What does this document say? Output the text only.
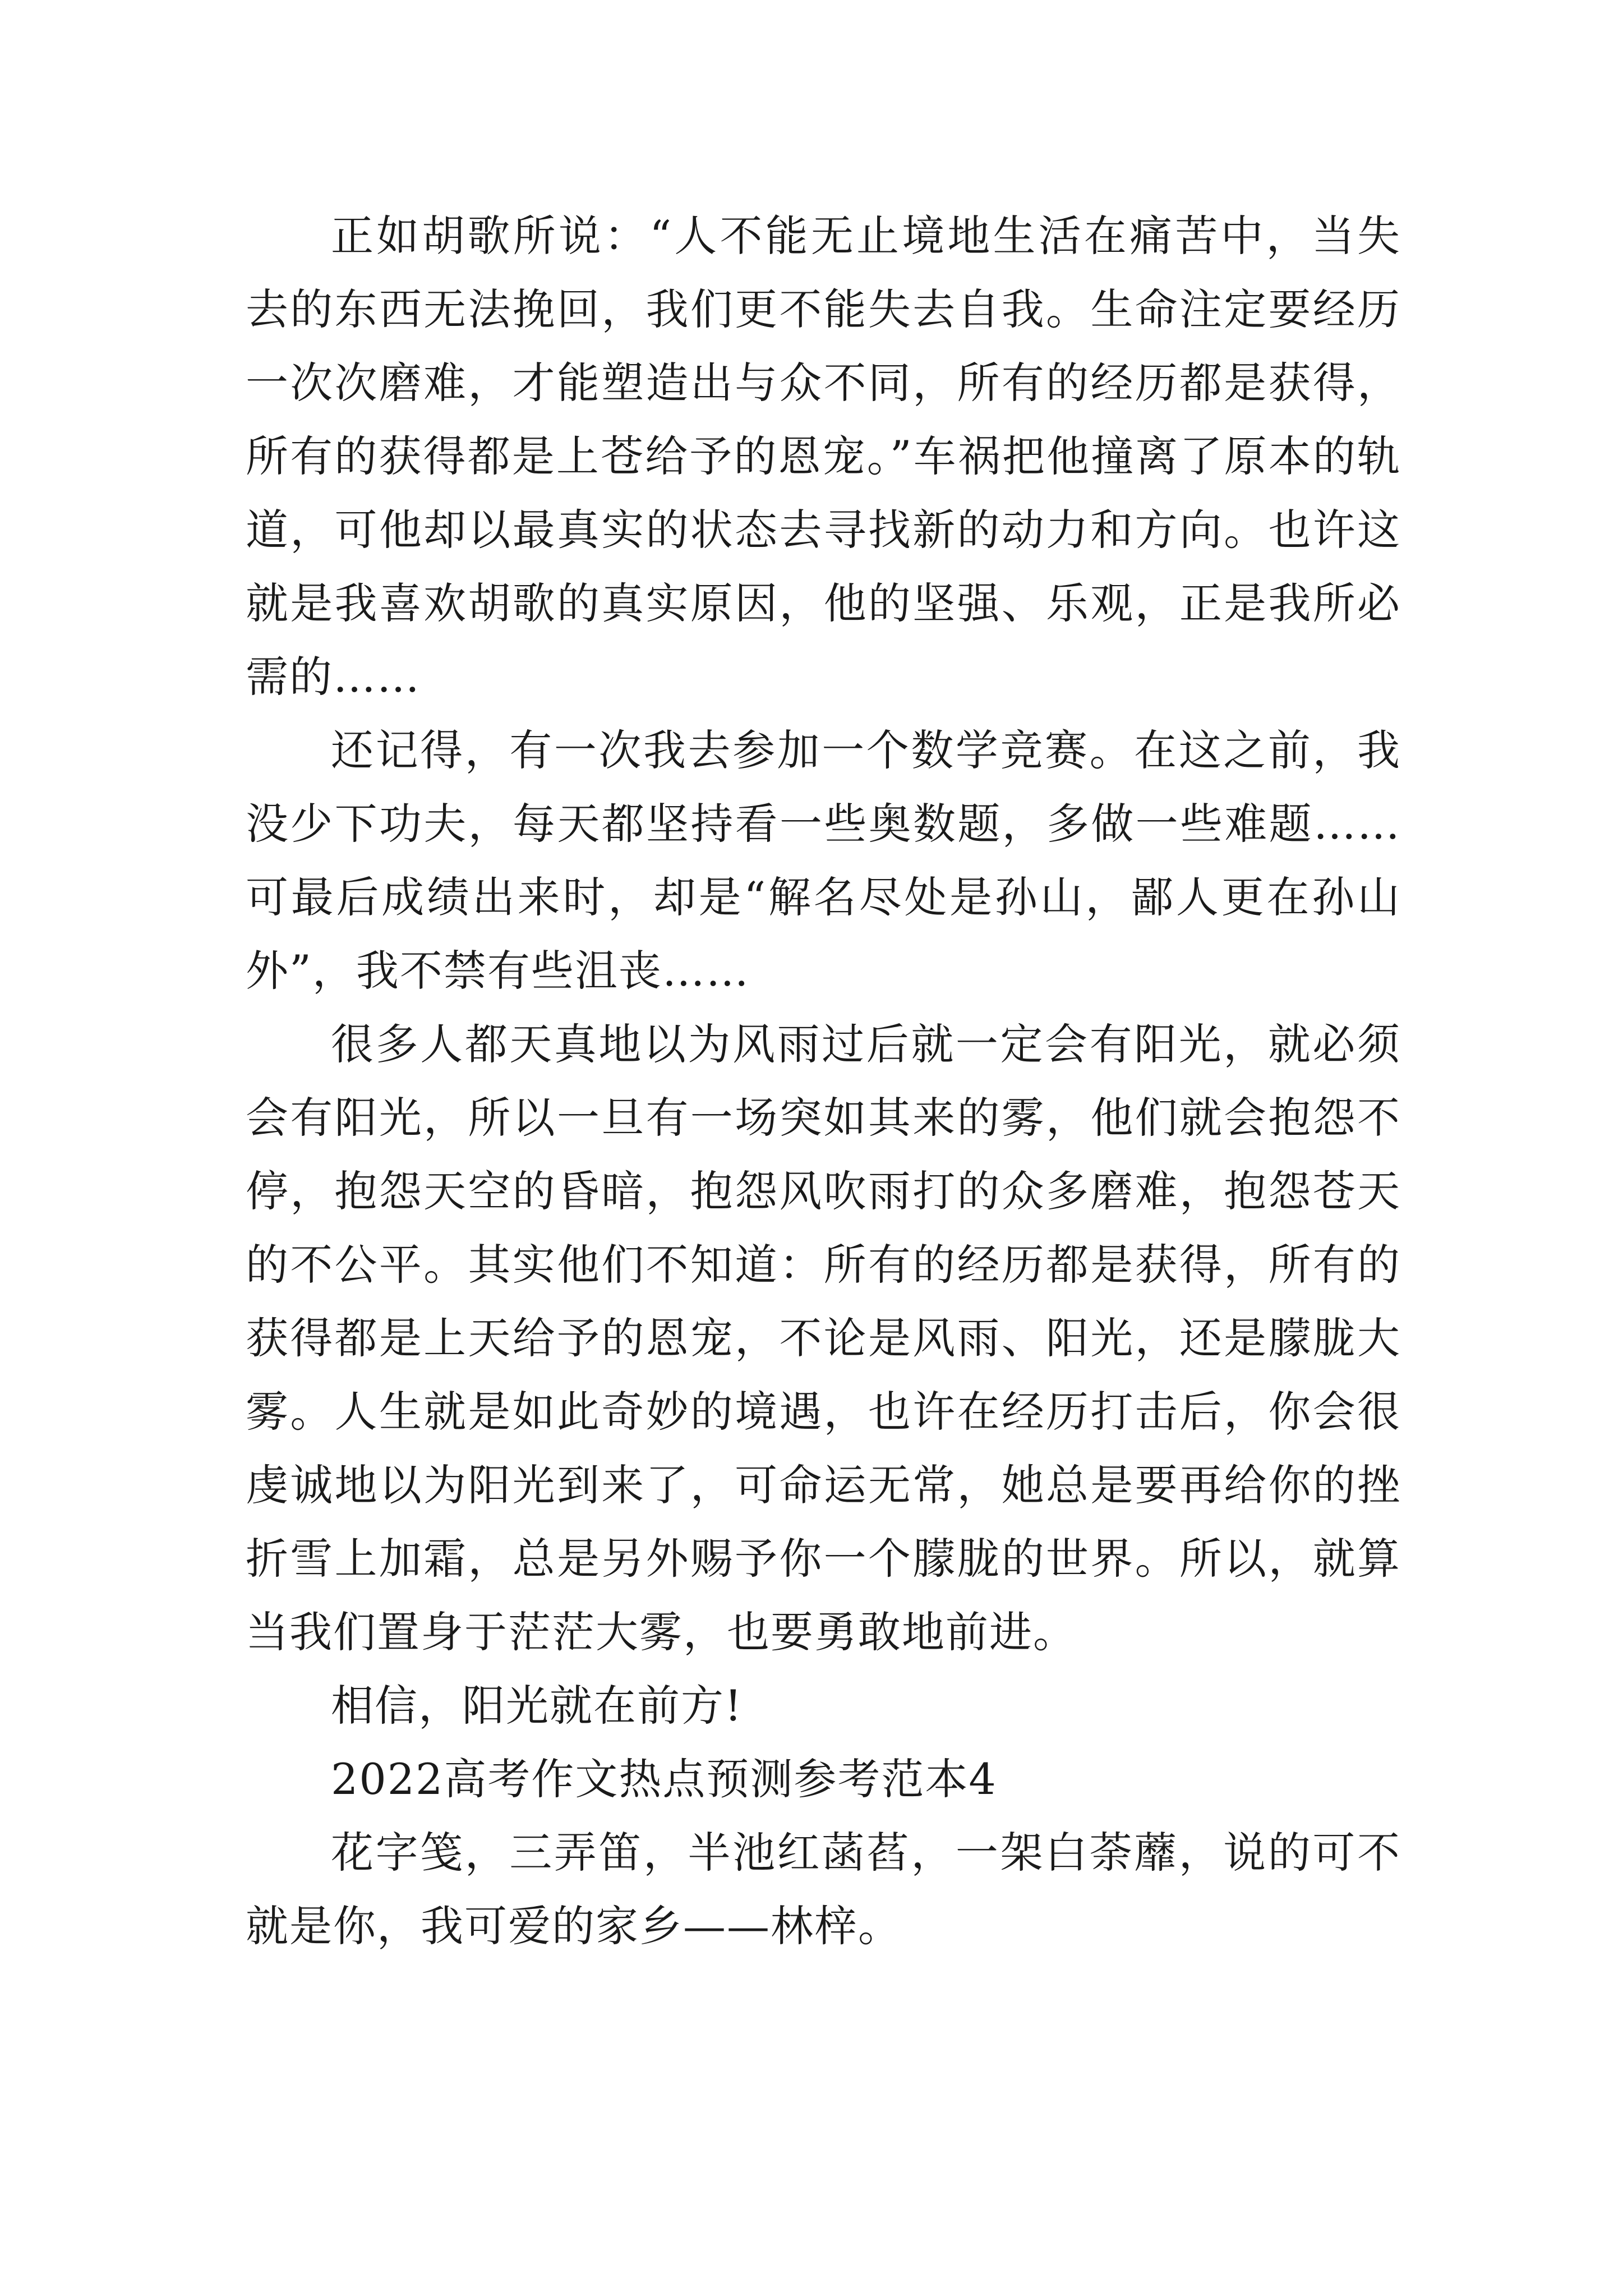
正如胡歌所说：“人不能无止境地生活在痛苦中，当失去的东西无法挽回，我们更不能失去自我。生命注定要经历一次次磨难，才能塑造出与众不同，所有的经历都是获得，所有的获得都是上苍给予的恩宠。”车祸把他撞离了原本的轨道，可他却以最真实的状态去寻找新的动力和方向。也许这就是我喜欢胡歌的真实原因，他的坚强、乐观，正是我所必需的……

还记得，有一次我去参加一个数学竞赛。在这之前，我没少下功夫，每天都坚持看一些奥数题，多做一些难题……可最后成绩出来时，却是“解名尽处是孙山，鄙人更在孙山外”，我不禁有些沮丧……

很多人都天真地以为风雨过后就一定会有阳光，就必须会有阳光，所以一旦有一场突如其来的雾，他们就会抱怨不停，抱怨天空的昏暗，抱怨风吹雨打的众多磨难，抱怨苍天的不公平。其实他们不知道：所有的经历都是获得，所有的获得都是上天给予的恩宠，不论是风雨、阳光，还是朦胧大雾。人生就是如此奇妙的境遇，也许在经历打击后，你会很虔诚地以为阳光到来了，可命运无常，她总是要再给你的挫折雪上加霜，总是另外赐予你一个朦胧的世界。所以，就算当我们置身于茫茫大雾，也要勇敢地前进。

相信，阳光就在前方!

2022高考作文热点预测参考范本4

花字笺，三弄笛，半池红菡萏，一架白荼蘼，说的可不就是你，我可爱的家乡——林梓。
